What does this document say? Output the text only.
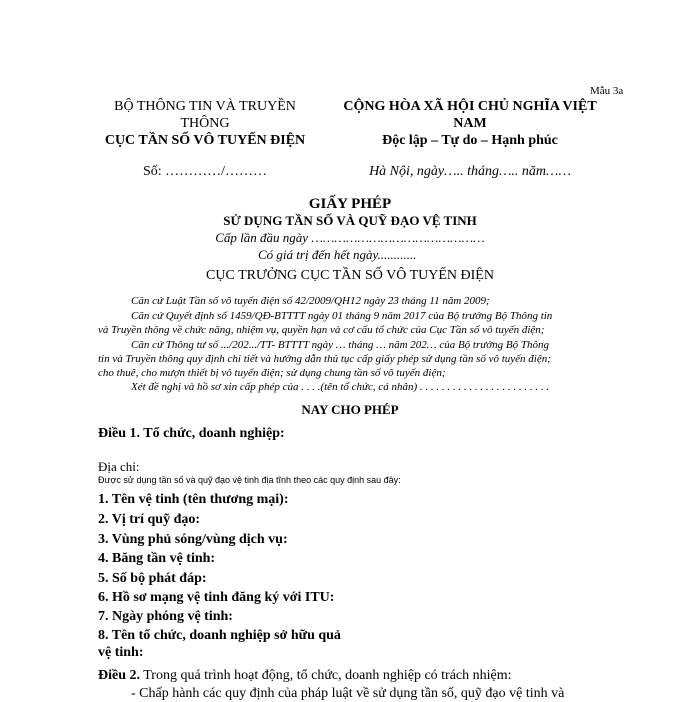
Mẫu 3a
BỘ THÔNG TIN VÀ TRUYỀN
THÔNG
CỤC TẦN SỐ VÔ TUYẾN ĐIỆN
Số: …………/………
CỘNG HÒA XÃ HỘI CHỦ NGHĨA VIỆT
NAM
Độc lập – Tự do – Hạnh phúc
Hà Nội, ngày….. tháng….. năm……
GIẤY PHÉP
SỬ DỤNG TẦN SỐ VÀ QUỸ ĐẠO VỆ TINH
Cấp lần đầu ngày ………………………………………
Có giá trị đến hết ngày............
CỤC TRƯỞNG CỤC TẦN SỐ VÔ TUYẾN ĐIỆN
Căn cứ Luật Tần số vô tuyến điện số 42/2009/QH12 ngày 23 tháng 11 năm 2009;
Căn cứ Quyết định số 1459/QĐ-BTTTT ngày 01 tháng 9 năm 2017 của Bộ trưởng Bộ Thông tin
và Truyền thông về chức năng, nhiệm vụ, quyền hạn và cơ cấu tổ chức của Cục Tần số vô tuyến điện;
Căn cứ Thông tư số .../202.../TT- BTTTT ngày … tháng … năm 202… của Bộ trưởng Bộ Thông
tin và Truyền thông quy định chi tiết và hướng dẫn thủ tục cấp giấy phép sử dụng tần số vô tuyến điện;
cho thuê, cho mượn thiết bị vô tuyến điện; sử dụng chung tần số vô tuyến điện;
Xét đề nghị và hồ sơ xin cấp phép của . . . .(tên tổ chức, cá nhân) . . . . . . . . . . . . . . . . . . . . . . . .
NAY CHO PHÉP
Điều 1. Tổ chức, doanh nghiệp:
Địa chỉ:
Được sử dụng tần số và quỹ đạo vệ tinh địa tĩnh theo các quy định sau đây:
1. Tên vệ tinh (tên thương mại):
2. Vị trí quỹ đạo:
3. Vùng phủ sóng/vùng dịch vụ:
4. Băng tần vệ tinh:
5. Số bộ phát đáp:
6. Hồ sơ mạng vệ tinh đăng ký với ITU:
7. Ngày phóng vệ tinh:
8. Tên tổ chức, doanh nghiệp sở hữu quả
vệ tinh:
Điều 2. Trong quá trình hoạt động, tổ chức, doanh nghiệp có trách nhiệm:
- Chấp hành các quy định của pháp luật về sử dụng tần số, quỹ đạo vệ tinh và
